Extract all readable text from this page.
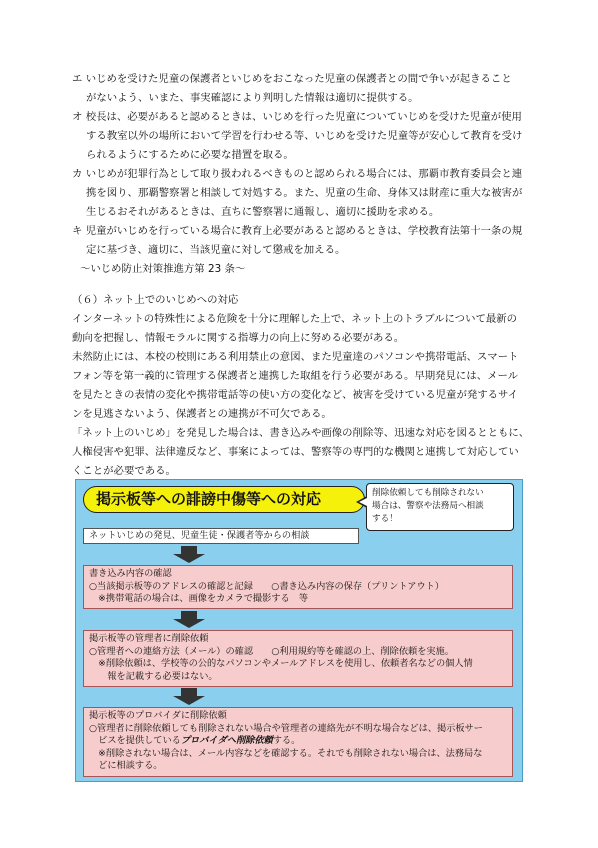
エ いじめを受けた児童の保護者といじめをおこなった児童の保護者との間で争いが起きること
がないよう、いまた、事実確認により判明した情報は適切に提供する。
オ 校長は、必要があると認めるときは、いじめを行った児童についていじめを受けた児童が使用
する教室以外の場所において学習を行わせる等、いじめを受けた児童等が安心して教育を受け
られるようにするために必要な措置を取る。
カ いじめが犯罪行為として取り扱われるべきものと認められる場合には、那覇市教育委員会と連
携を図り、那覇警察署と相談して対処する。また、児童の生命、身体又は財産に重大な被害が
生じるおそれがあるときは、直ちに警察署に通報し、適切に援助を求める。
キ 児童がいじめを行っている場合に教育上必要があると認めるときは、学校教育法第十一条の規
定に基づき、適切に、当該児童に対して懲戒を加える。
〜いじめ防止対策推進方第 23 条〜
（６）ネット上でのいじめへの対応
インターネットの特殊性による危険を十分に理解した上で、ネット上のトラブルについて最新の
動向を把握し、情報モラルに関する指導力の向上に努める必要がある。
未然防止には、本校の校則にある利用禁止の意図、また児童達のパソコンや携帯電話、スマート
フォン等を第一義的に管理する保護者と連携した取組を行う必要がある。早期発見には、メール
を見たときの表情の変化や携帯電話等の使い方の変化など、被害を受けている児童が発するサイ
ンを見逃さないよう、保護者との連携が不可欠である。
「ネット上のいじめ」を発見した場合は、書き込みや画像の削除等、迅速な対応を図るとともに、
人権侵害や犯罪、法律違反など、事案によっては、警察等の専門的な機関と連携して対応してい
くことが必要である。
掲示板等への誹謗中傷等への対応	削除依頼しても削除されない
場合は、警察や法務局へ相談
する！
ネットいじめの発見、児童生徒・保護者等からの相談
書き込み内容の確認
○当該掲示板等のアドレスの確認と記録　　○書き込み内容の保存（プリントアウト）
　※携帯電話の場合は、画像をカメラで撮影する　等
掲示板等の管理者に削除依頼
○管理者への連絡方法（メール）の確認　　○利用規約等を確認の上、削除依頼を実施。
　※削除依頼は、学校等の公的なパソコンやメールアドレスを使用し、依頼者名などの個人情
　　報を記載する必要はない。
掲示板等のプロバイダに削除依頼
○管理者に削除依頼しても削除されない場合や管理者の連絡先が不明な場合などは、掲示板サー
　ビスを提供しているプロバイダへ削除依頼する。
　※削除されない場合は、メール内容などを確認する。それでも削除されない場合は、法務局な
　どに相談する。
